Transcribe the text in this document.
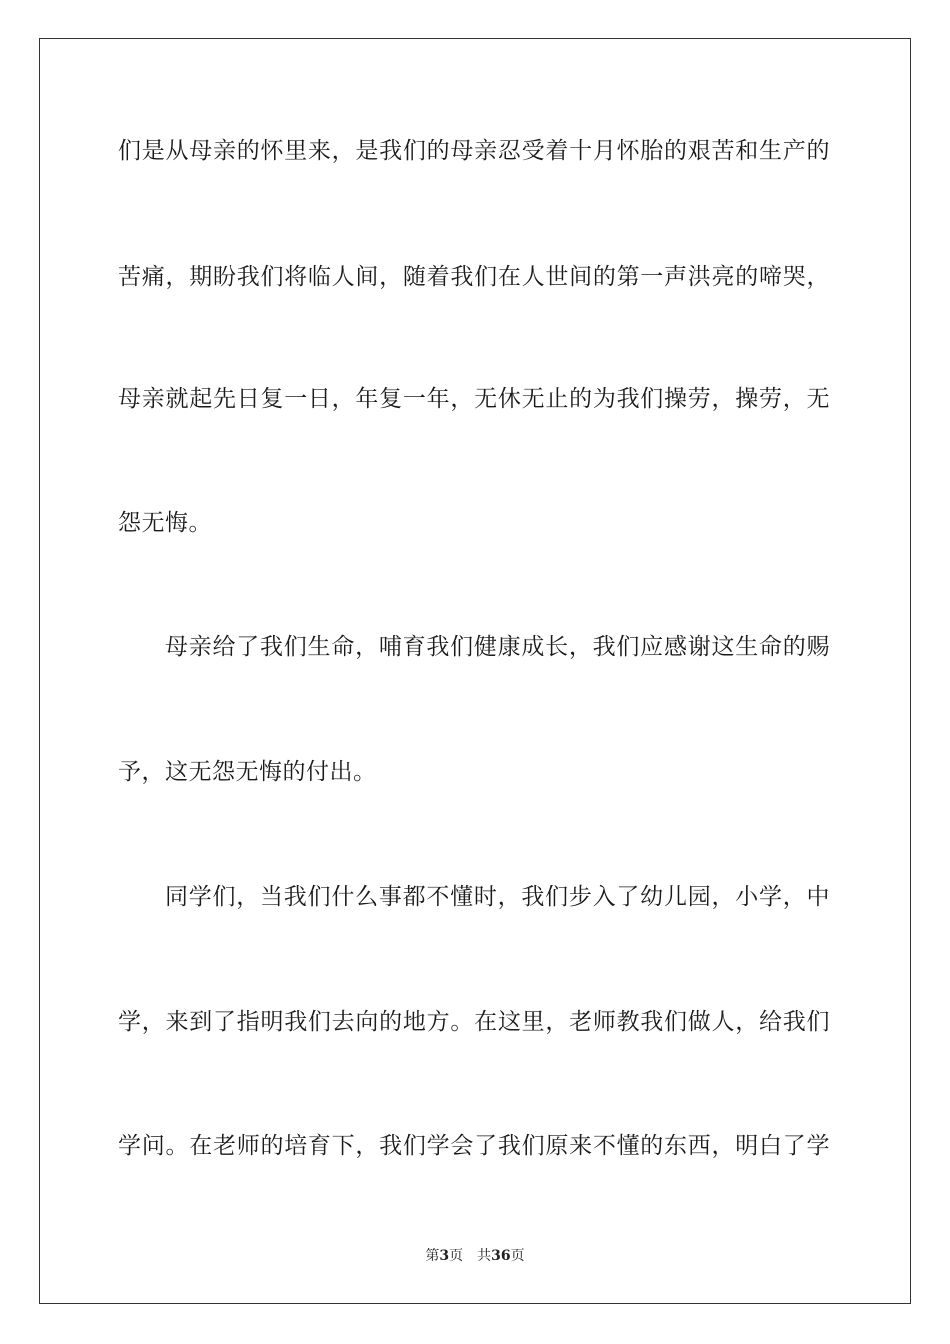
们是从母亲的怀里来，是我们的母亲忍受着十月怀胎的艰苦和生产的
苦痛，期盼我们将临人间，随着我们在人世间的第一声洪亮的啼哭，
母亲就起先日复一日，年复一年，无休无止的为我们操劳，操劳，无
怨无悔。
母亲给了我们生命，哺育我们健康成长，我们应感谢这生命的赐
予，这无怨无悔的付出。
同学们，当我们什么事都不懂时，我们步入了幼儿园，小学，中
学，来到了指明我们去向的地方。在这里，老师教我们做人，给我们
学问。在老师的培育下，我们学会了我们原来不懂的东西，明白了学
第3页 共36页
